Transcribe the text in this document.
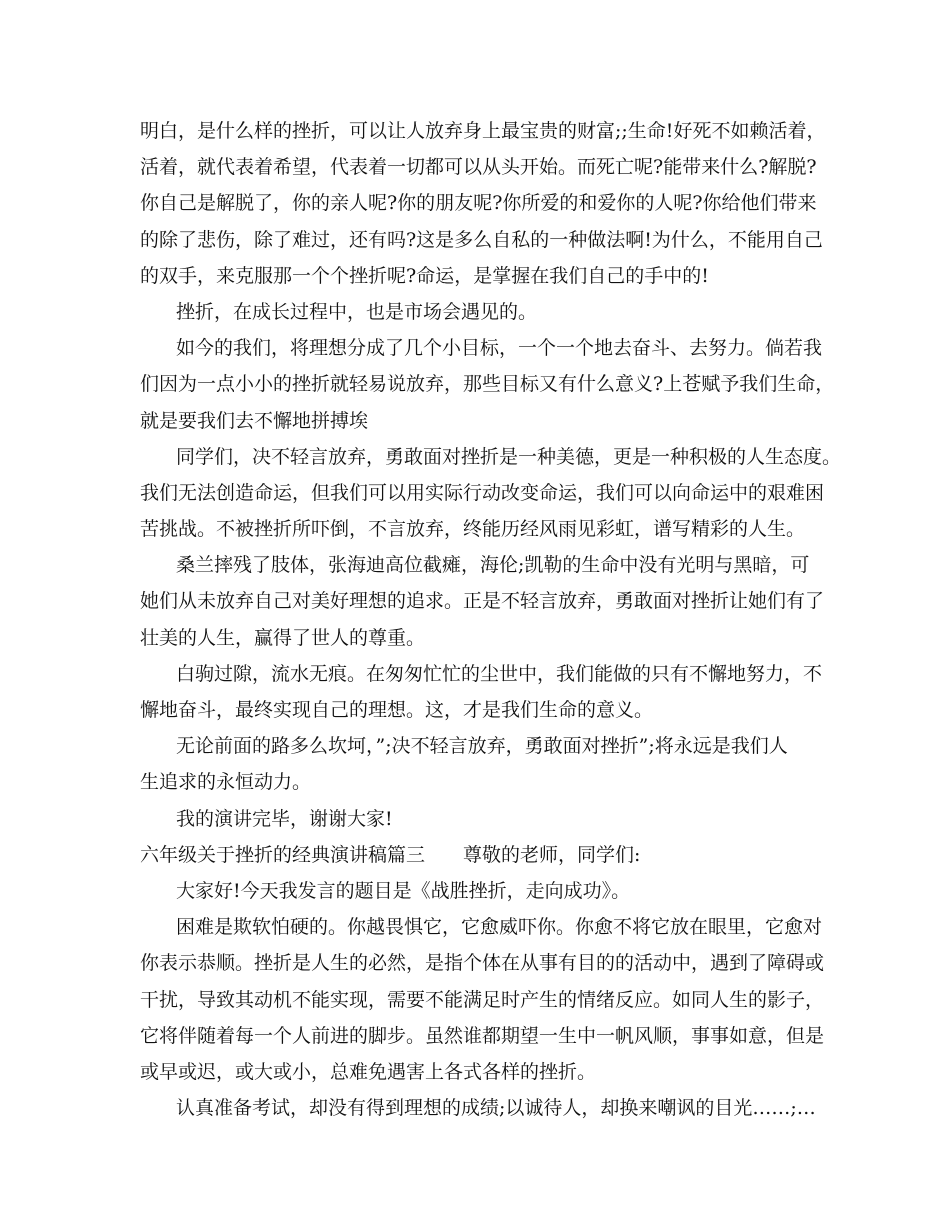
明白，是什么样的挫折，可以让人放弃身上最宝贵的财富;;生命!好死不如赖活着，
活着，就代表着希望，代表着一切都可以从头开始。而死亡呢?能带来什么?解脱?
你自己是解脱了，你的亲人呢?你的朋友呢?你所爱的和爱你的人呢?你给他们带来
的除了悲伤，除了难过，还有吗?这是多么自私的一种做法啊!为什么，不能用自己
的双手，来克服那一个个挫折呢?命运，是掌握在我们自己的手中的!
挫折，在成长过程中，也是市场会遇见的。
如今的我们，将理想分成了几个小目标，一个一个地去奋斗、去努力。倘若我
们因为一点小小的挫折就轻易说放弃，那些目标又有什么意义?上苍赋予我们生命，
就是要我们去不懈地拼搏埃
同学们，决不轻言放弃，勇敢面对挫折是一种美德，更是一种积极的人生态度。
我们无法创造命运，但我们可以用实际行动改变命运，我们可以向命运中的艰难困
苦挑战。不被挫折所吓倒，不言放弃，终能历经风雨见彩虹，谱写精彩的人生。
桑兰摔残了肢体，张海迪高位截瘫，海伦;凯勒的生命中没有光明与黑暗，可
她们从未放弃自己对美好理想的追求。正是不轻言放弃，勇敢面对挫折让她们有了
壮美的人生，赢得了世人的尊重。
白驹过隙，流水无痕。在匆匆忙忙的尘世中，我们能做的只有不懈地努力，不
懈地奋斗，最终实现自己的理想。这，才是我们生命的意义。
无论前面的路多么坎坷，”;决不轻言放弃，勇敢面对挫折”;将永远是我们人
生追求的永恒动力。
我的演讲完毕，谢谢大家!
六年级关于挫折的经典演讲稿篇三 尊敬的老师，同学们:
大家好!今天我发言的题目是《战胜挫折，走向成功》。
困难是欺软怕硬的。你越畏惧它，它愈威吓你。你愈不将它放在眼里，它愈对
你表示恭顺。挫折是人生的必然，是指个体在从事有目的的活动中，遇到了障碍或
干扰，导致其动机不能实现，需要不能满足时产生的情绪反应。如同人生的影子，
它将伴随着每一个人前进的脚步。虽然谁都期望一生中一帆风顺，事事如意，但是
或早或迟，或大或小，总难免遇害上各式各样的挫折。
认真准备考试，却没有得到理想的成绩;以诚待人，却换来嘲讽的目光……;…
